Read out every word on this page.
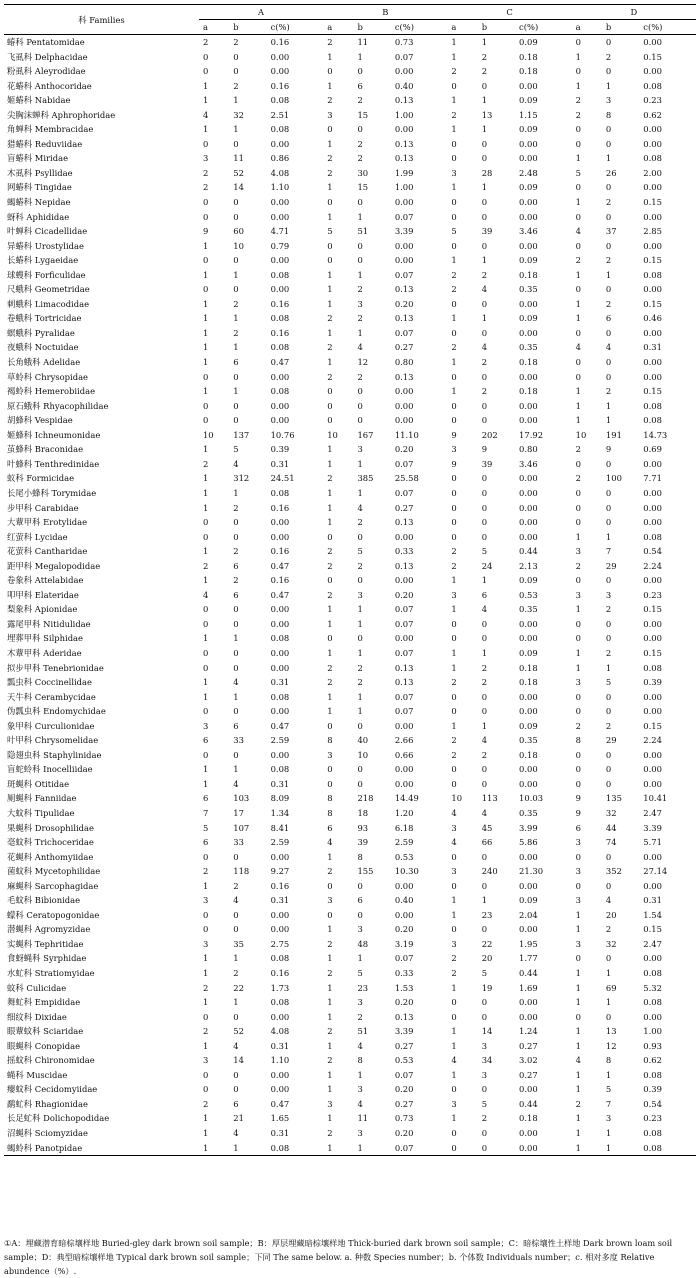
科 Families	A			B			C			D		
	a	b	c(%)	a	b	c(%)	a	b	c(%)	a	b	c(%)
蝽科 Pentatomidae	2	2	0.16	2	11	0.73	1	1	0.09	0	0	0.00
飞虱科 Delphacidae	0	0	0.00	1	1	0.07	1	2	0.18	1	2	0.15
粉虱科 Aleyrodidae	0	0	0.00	0	0	0.00	2	2	0.18	0	0	0.00
花蝽科 Anthocoridae	1	2	0.16	1	6	0.40	0	0	0.00	1	1	0.08
姬蝽科 Nabidae	1	1	0.08	2	2	0.13	1	1	0.09	2	3	0.23
尖胸沫蝉科 Aphrophoridae	4	32	2.51	3	15	1.00	2	13	1.15	2	8	0.62
角蝉科 Membracidae	1	1	0.08	0	0	0.00	1	1	0.09	0	0	0.00
猎蝽科 Reduviidae	0	0	0.00	1	2	0.13	0	0	0.00	0	0	0.00
盲蝽科 Miridae	3	11	0.86	2	2	0.13	0	0	0.00	1	1	0.08
木虱科 Psyllidae	2	52	4.08	2	30	1.99	3	28	2.48	5	26	2.00
网蝽科 Tingidae	2	14	1.10	1	15	1.00	1	1	0.09	0	0	0.00
蝎蝽科 Nepidae	0	0	0.00	0	0	0.00	0	0	0.00	1	2	0.15
蚜科 Aphididae	0	0	0.00	1	1	0.07	0	0	0.00	0	0	0.00
叶蝉科 Cicadellidae	9	60	4.71	5	51	3.39	5	39	3.46	4	37	2.85
异蝽科 Urostylidae	1	10	0.79	0	0	0.00	0	0	0.00	0	0	0.00
长蝽科 Lygaeidae	0	0	0.00	0	0	0.00	1	1	0.09	2	2	0.15
球螋科 Forficulidae	1	1	0.08	1	1	0.07	2	2	0.18	1	1	0.08
尺蛾科 Geometridae	0	0	0.00	1	2	0.13	2	4	0.35	0	0	0.00
刺蛾科 Limacodidae	1	2	0.16	1	3	0.20	0	0	0.00	1	2	0.15
卷蛾科 Tortricidae	1	1	0.08	2	2	0.13	1	1	0.09	1	6	0.46
螟蛾科 Pyralidae	1	2	0.16	1	1	0.07	0	0	0.00	0	0	0.00
夜蛾科 Noctuidae	1	1	0.08	2	4	0.27	2	4	0.35	4	4	0.31
长角蛾科 Adelidae	1	6	0.47	1	12	0.80	1	2	0.18	0	0	0.00
草蛉科 Chrysopidae	0	0	0.00	2	2	0.13	0	0	0.00	0	0	0.00
褐蛉科 Hemerobiidae	1	1	0.08	0	0	0.00	1	2	0.18	1	2	0.15
原石蛾科 Rhyacophilidae	0	0	0.00	0	0	0.00	0	0	0.00	1	1	0.08
胡蜂科 Vespidae	0	0	0.00	0	0	0.00	0	0	0.00	1	1	0.08
姬蜂科 Ichneumonidae	10	137	10.76	10	167	11.10	9	202	17.92	10	191	14.73
茧蜂科 Braconidae	1	5	0.39	1	3	0.20	3	9	0.80	2	9	0.69
叶蜂科 Tenthredinidae	2	4	0.31	1	1	0.07	9	39	3.46	0	0	0.00
蚁科 Formicidae	1	312	24.51	2	385	25.58	0	0	0.00	2	100	7.71
长尾小蜂科 Torymidae	1	1	0.08	1	1	0.07	0	0	0.00	0	0	0.00
步甲科 Carabidae	1	2	0.16	1	4	0.27	0	0	0.00	0	0	0.00
大蕈甲科 Erotylidae	0	0	0.00	1	2	0.13	0	0	0.00	0	0	0.00
红萤科 Lycidae	0	0	0.00	0	0	0.00	0	0	0.00	1	1	0.08
花萤科 Cantharidae	1	2	0.16	2	5	0.33	2	5	0.44	3	7	0.54
距甲科 Megalopodidae	2	6	0.47	2	2	0.13	2	24	2.13	2	29	2.24
卷象科 Attelabidae	1	2	0.16	0	0	0.00	1	1	0.09	0	0	0.00
叩甲科 Elateridae	4	6	0.47	2	3	0.20	3	6	0.53	3	3	0.23
梨象科 Apionidae	0	0	0.00	1	1	0.07	1	4	0.35	1	2	0.15
露尾甲科 Nitidulidae	0	0	0.00	1	1	0.07	0	0	0.00	0	0	0.00
埋葬甲科 Silphidae	1	1	0.08	0	0	0.00	0	0	0.00	0	0	0.00
木蕈甲科 Aderidae	0	0	0.00	1	1	0.07	1	1	0.09	1	2	0.15
拟步甲科 Tenebrionidae	0	0	0.00	2	2	0.13	1	2	0.18	1	1	0.08
瓢虫科 Coccinellidae	1	4	0.31	2	2	0.13	2	2	0.18	3	5	0.39
天牛科 Cerambycidae	1	1	0.08	1	1	0.07	0	0	0.00	0	0	0.00
伪瓢虫科 Endomychidae	0	0	0.00	1	1	0.07	0	0	0.00	0	0	0.00
象甲科 Curculionidae	3	6	0.47	0	0	0.00	1	1	0.09	2	2	0.15
叶甲科 Chrysomelidae	6	33	2.59	8	40	2.66	2	4	0.35	8	29	2.24
隐翅虫科 Staphylinidae	0	0	0.00	3	10	0.66	2	2	0.18	0	0	0.00
盲蛇蛉科 Inocelliidae	1	1	0.08	0	0	0.00	0	0	0.00	0	0	0.00
斑蝇科 Otitidae	1	4	0.31	0	0	0.00	0	0	0.00	0	0	0.00
厕蝇科 Fanniidae	6	103	8.09	8	218	14.49	10	113	10.03	9	135	10.41
大蚊科 Tipulidae	7	17	1.34	8	18	1.20	4	4	0.35	9	32	2.47
果蝇科 Drosophilidae	5	107	8.41	6	93	6.18	3	45	3.99	6	44	3.39
毫蚊科 Trichoceridae	6	33	2.59	4	39	2.59	4	66	5.86	3	74	5.71
花蝇科 Anthomyiidae	0	0	0.00	1	8	0.53	0	0	0.00	0	0	0.00
菌蚊科 Mycetophilidae	2	118	9.27	2	155	10.30	3	240	21.30	3	352	27.14
麻蝇科 Sarcophagidae	1	2	0.16	0	0	0.00	0	0	0.00	0	0	0.00
毛蚊科 Bibionidae	3	4	0.31	3	6	0.40	1	1	0.09	3	4	0.31
蠓科 Ceratopogonidae	0	0	0.00	0	0	0.00	1	23	2.04	1	20	1.54
潜蝇科 Agromyzidae	0	0	0.00	1	3	0.20	0	0	0.00	1	2	0.15
实蝇科 Tephritidae	3	35	2.75	2	48	3.19	3	22	1.95	3	32	2.47
食蚜蝇科 Syrphidae	1	1	0.08	1	1	0.07	2	20	1.77	0	0	0.00
水虻科 Stratiomyidae	1	2	0.16	2	5	0.33	2	5	0.44	1	1	0.08
蚊科 Culicidae	2	22	1.73	1	23	1.53	1	19	1.69	1	69	5.32
舞虻科 Empididae	1	1	0.08	1	3	0.20	0	0	0.00	1	1	0.08
细纹科 Dixidae	0	0	0.00	1	2	0.13	0	0	0.00	0	0	0.00
眼蕈蚊科 Sciaridae	2	52	4.08	2	51	3.39	1	14	1.24	1	13	1.00
眼蝇科 Conopidae	1	4	0.31	1	4	0.27	1	3	0.27	1	12	0.93
摇蚊科 Chironomidae	3	14	1.10	2	8	0.53	4	34	3.02	4	8	0.62
蝇科 Muscidae	0	0	0.00	1	1	0.07	1	3	0.27	1	1	0.08
瘿蚊科 Cecidomyiidae	0	0	0.00	1	3	0.20	0	0	0.00	1	5	0.39
鹬虻科 Rhagionidae	2	6	0.47	3	4	0.27	3	5	0.44	2	7	0.54
长足虻科 Dolichopodidae	1	21	1.65	1	11	0.73	1	2	0.18	1	3	0.23
沼蝇科 Sciomyzidae	1	4	0.31	2	3	0.20	0	0	0.00	1	1	0.08
蝎蛉科 Panotpidae	1	1	0.08	1	1	0.07	0	0	0.00	1	1	0.08
①A：埋藏潜育暗棕壤样地 Buried-gley dark brown soil sample；B：厚层埋藏暗棕壤样地 Thick-buried dark brown soil sample；C：暗棕壤性土样地 Dark brown loam soil sample；D：典型暗棕壤样地 Typical dark brown soil sample；下同 The same below. a. 种数 Species number；b. 个体数 Individuals number；c. 相对多度 Relative abundence（%）.
